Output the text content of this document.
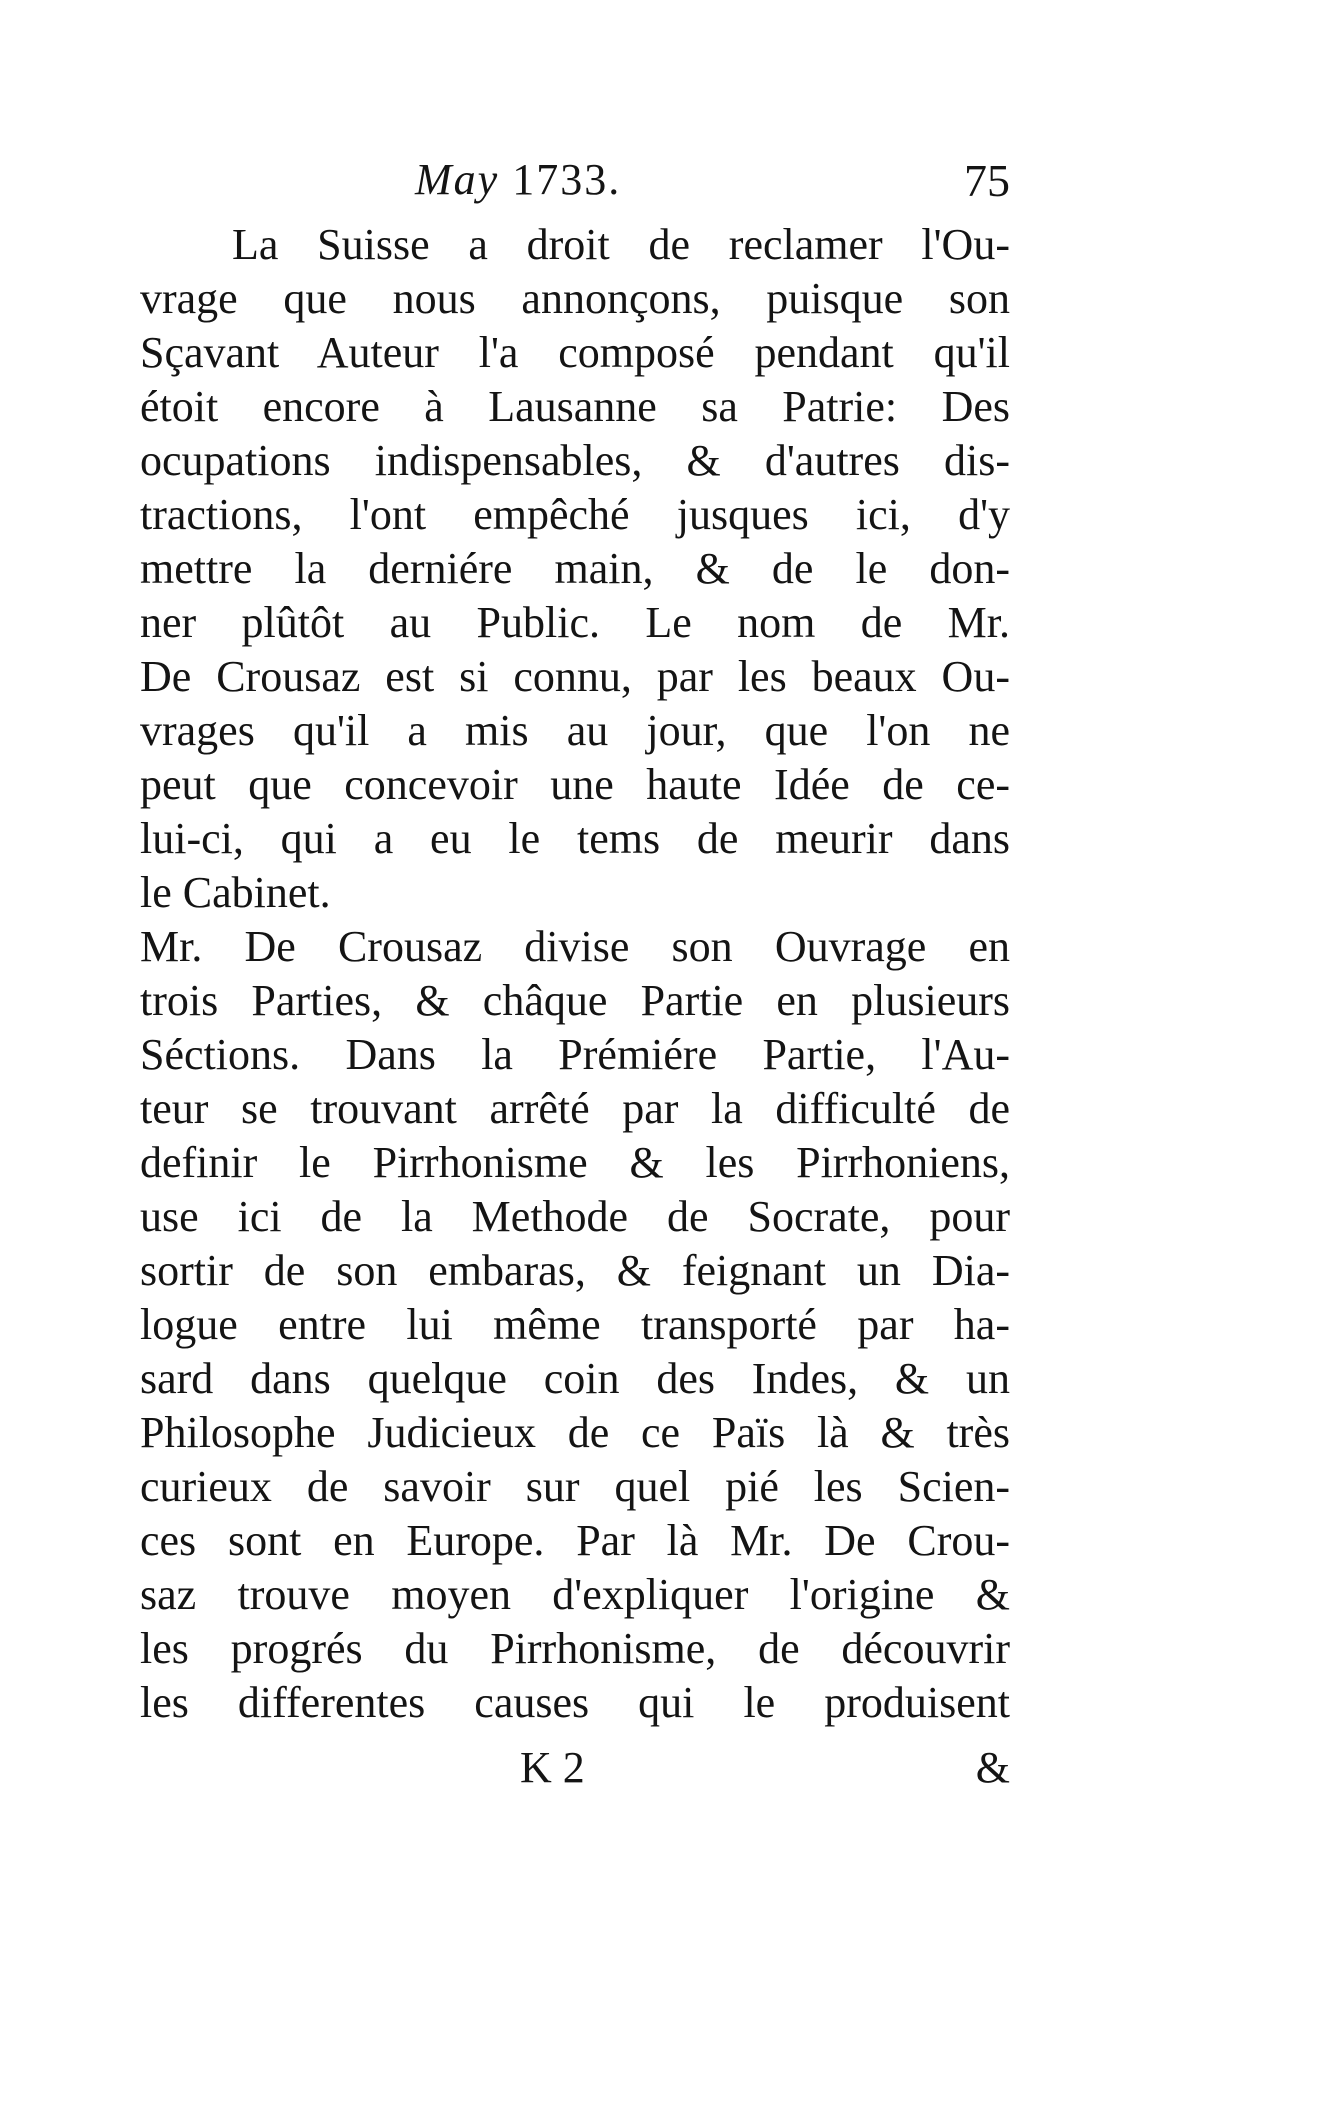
May 1733.	75
La Suisse a droit de reclamer l'Ou-
vrage que nous annonçons, puisque son
Sçavant Auteur l'a composé pendant qu'il
étoit encore à Lausanne sa Patrie: Des
ocupations indispensables, & d'autres dis-
tractions, l'ont empêché jusques ici, d'y
mettre la derniére main, & de le don-
ner plûtôt au Public. Le nom de Mr.
De Crousaz est si connu, par les beaux Ou-
vrages qu'il a mis au jour, que l'on ne
peut que concevoir une haute Idée de ce-
lui-ci, qui a eu le tems de meurir dans
le Cabinet.
Mr. De Crousaz divise son Ouvrage en
trois Parties, & châque Partie en plusieurs
Séctions. Dans la Prémiére Partie, l'Au-
teur se trouvant arrêté par la difficulté de
definir le Pirrhonisme & les Pirrhoniens,
use ici de la Methode de Socrate, pour
sortir de son embaras, & feignant un Dia-
logue entre lui même transporté par ha-
sard dans quelque coin des Indes, & un
Philosophe Judicieux de ce Païs là & très
curieux de savoir sur quel pié les Scien-
ces sont en Europe. Par là Mr. De Crou-
saz trouve moyen d'expliquer l'origine &
les progrés du Pirrhonisme, de découvrir
les differentes causes qui le produisent
K 2	&
